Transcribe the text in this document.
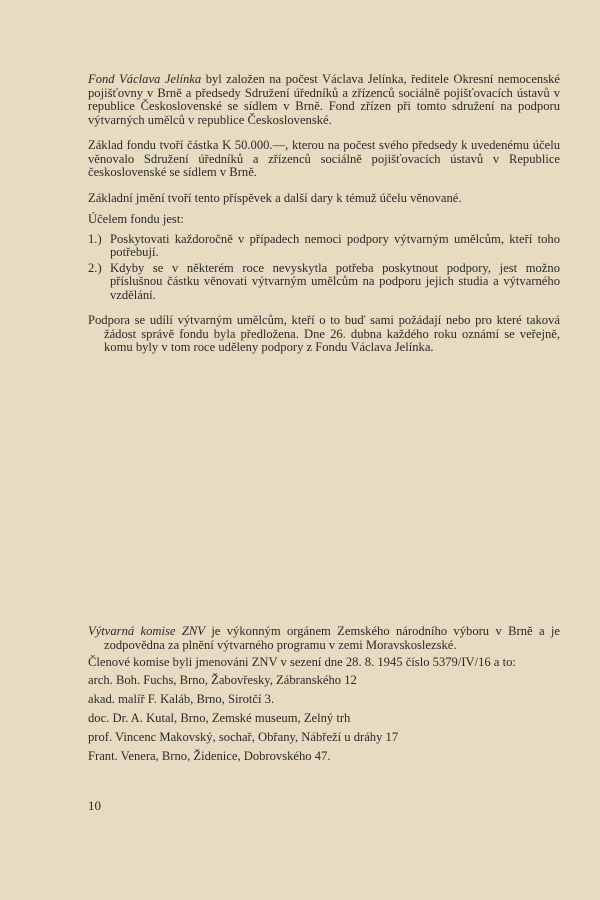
Fond Václava Jelínka byl založen na počest Václava Jelínka, ředitele Okresní nemocenské pojišťovny v Brně a předsedy Sdružení úředníků a zřízenců sociálně pojišťovacích ústavů v republice Československé se sídlem v Brně. Fond zřízen při tomto sdružení na podporu výtvarných umělců v republice Československé.

Základ fondu tvoří částka K 50.000.—, kterou na počest svého předsedy k uvedenému účelu věnovalo Sdružení úředníků a zřízenců sociálně pojišťovacích ústavů v Republice československé se sídlem v Brně.

Základní jmění tvoří tento příspěvek a další dary k témuž účelu věnované.

Účelem fondu jest:

1.) Poskytovati každoročně v případech nemoci podpory výtvarným umělcům, kteří toho potřebují.
2.) Kdyby se v některém roce nevyskytla potřeba poskytnout podpory, jest možno příslušnou částku věnovati výtvarným umělcům na podporu jejich studia a výtvarného vzdělání.

Podpora se udílí výtvarným umělcům, kteří o to buď sami požádají nebo pro které taková žádost správě fondu byla předložena. Dne 26. dubna každého roku oznámí se veřejně, komu byly v tom roce uděleny podpory z Fondu Václava Jelínka.

Výtvarná komise ZNV je výkonným orgánem Zemského národního výboru v Brně a je zodpovědna za plnění výtvarného programu v zemi Moravskoslezské.

Členové komise byli jmenováni ZNV v sezení dne 28. 8. 1945 číslo 5379/IV/16 a to:

arch. Boh. Fuchs, Brno, Žabovřesky, Zábranského 12

akad. malíř F. Kaláb, Brno, Sirotčí 3.

doc. Dr. A. Kutal, Brno, Zemské museum, Zelný trh

prof. Vincenc Makovský, sochař, Obřany, Nábřeží u dráhy 17

Frant. Venera, Brno, Židenice, Dobrovského 47.

10
